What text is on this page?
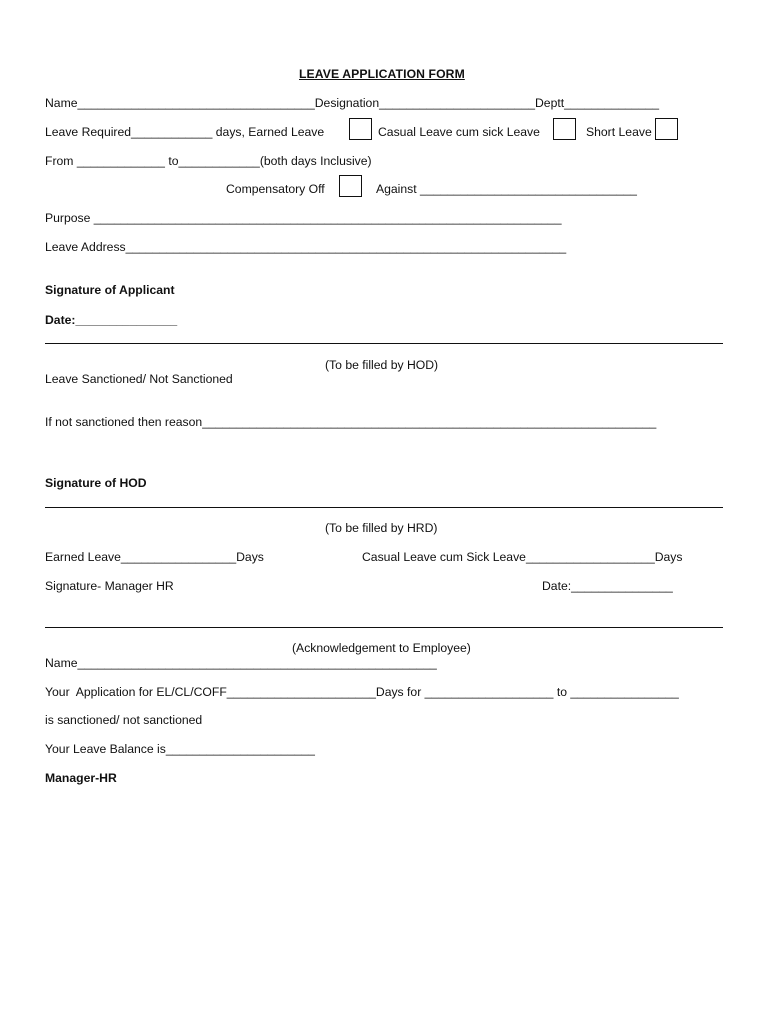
LEAVE APPLICATION FORM
Name___________________________________Designation_______________________Deptt______________
Leave Required____________ days, Earned Leave	Casual Leave cum sick Leave	Short Leave
From _____________ to____________(both days Inclusive)
Compensatory Off	Against ________________________________
Purpose _____________________________________________________________________
Leave Address_________________________________________________________________
Signature of Applicant
Date:_______________
(To be filled by HOD)
Leave Sanctioned/ Not Sanctioned
If not sanctioned then reason___________________________________________________________________
Signature of HOD
(To be filled by HRD)
Earned Leave_________________Days	Casual Leave cum Sick Leave___________________Days
Signature- Manager HR	Date:_______________
(Acknowledgement to Employee)
Name_____________________________________________________
Your  Application for EL/CL/COFF______________________Days for ___________________ to ________________
is sanctioned/ not sanctioned
Your Leave Balance is______________________
Manager-HR
